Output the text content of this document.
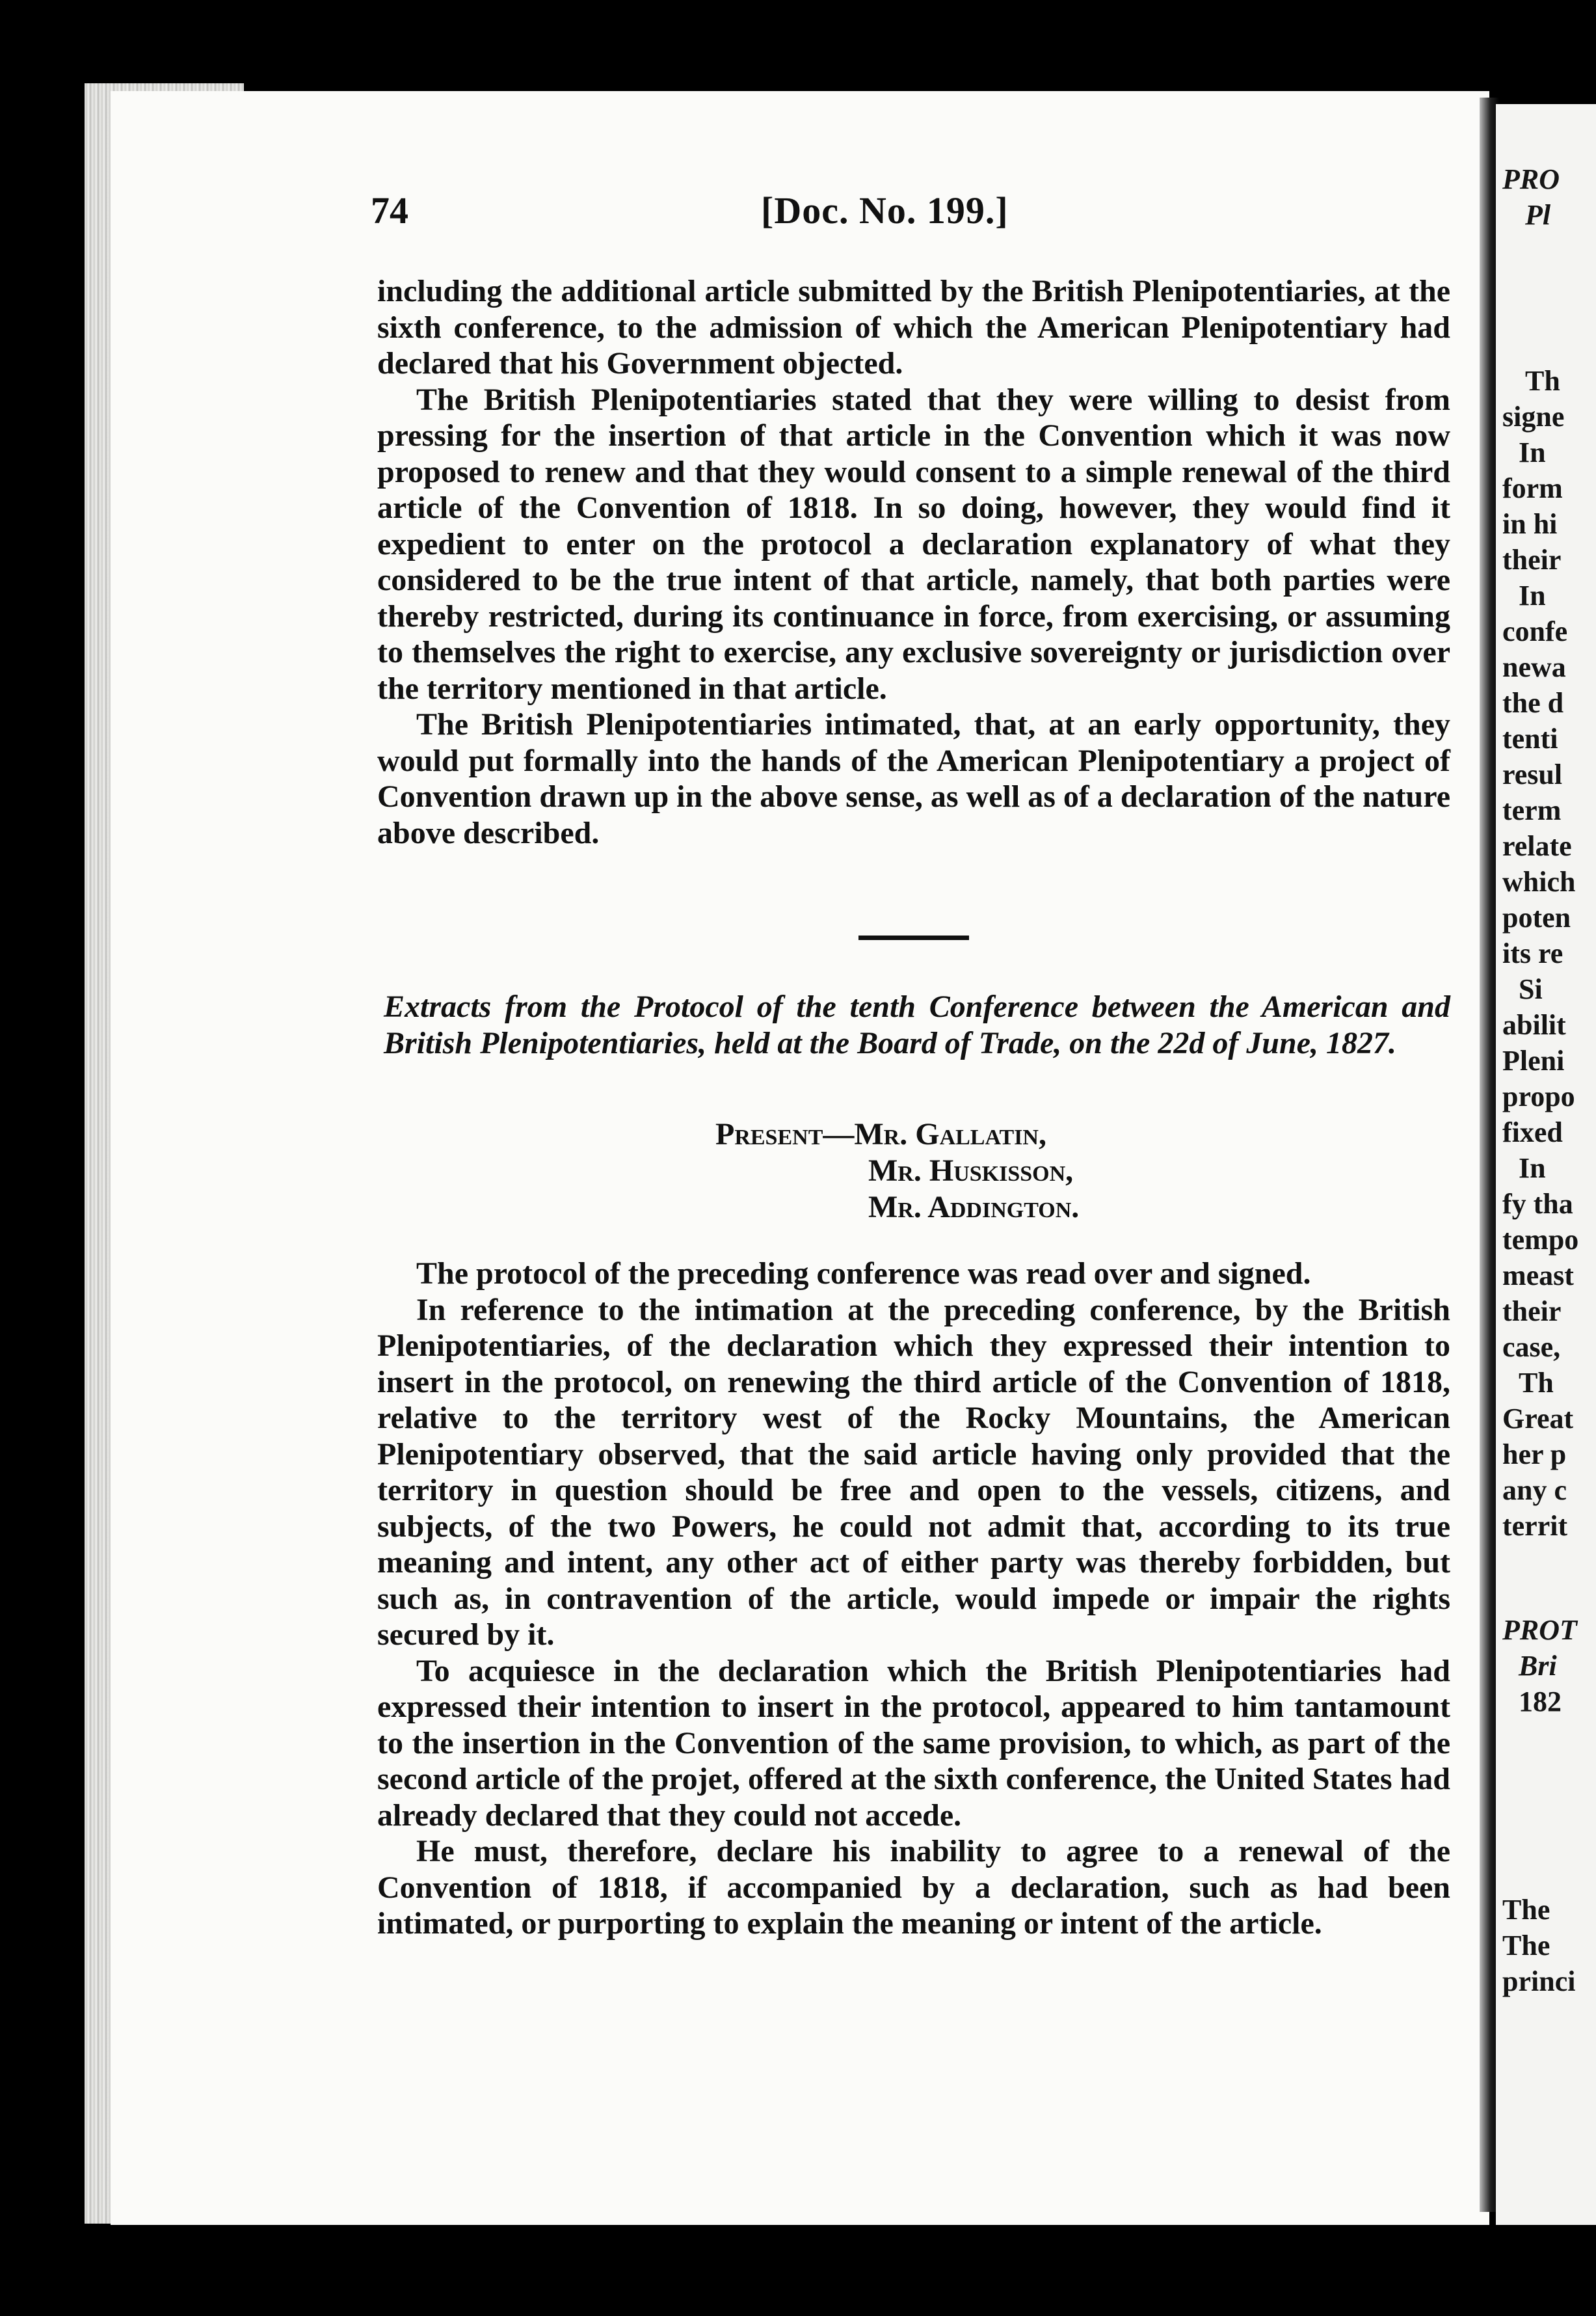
PRO
Pl
Th
signe
In
form
in hi
their
In
confe
newa
the d
tenti
resul
term
relate
which
poten
its re
Si
abilit
Pleni
propo
fixed
In
fy tha
tempo
meast
their
case,
Th
Great
her p
any c
territ
PROT
Bri
182
The
The
princi
74	[Doc. No. 199.]

including the additional article submitted by the British Plenipotentiaries, at the sixth conference, to the admission of which the American Plenipotentiary had declared that his Government objected.

The British Plenipotentiaries stated that they were willing to desist from pressing for the insertion of that article in the Convention which it was now proposed to renew and that they would consent to a simple renewal of the third article of the Convention of 1818. In so doing, however, they would find it expedient to enter on the protocol a declaration explanatory of what they considered to be the true intent of that article, namely, that both parties were thereby restricted, during its continuance in force, from exercising, or assuming to themselves the right to exercise, any exclusive sovereignty or jurisdiction over the territory mentioned in that article.

The British Plenipotentiaries intimated, that, at an early opportunity, they would put formally into the hands of the American Plenipotentiary a project of Convention drawn up in the above sense, as well as of a declaration of the nature above described.

Extracts from the Protocol of the tenth Conference between the American and British Plenipotentiaries, held at the Board of Trade, on the 22d of June, 1827.
Present—Mr. Gallatin,
Mr. Huskisson,
Mr. Addington.

The protocol of the preceding conference was read over and signed.

In reference to the intimation at the preceding conference, by the British Plenipotentiaries, of the declaration which they expressed their intention to insert in the protocol, on renewing the third article of the Convention of 1818, relative to the territory west of the Rocky Mountains, the American Plenipotentiary observed, that the said article having only provided that the territory in question should be free and open to the vessels, citizens, and subjects, of the two Powers, he could not admit that, according to its true meaning and intent, any other act of either party was thereby forbidden, but such as, in contravention of the article, would impede or impair the rights secured by it.

To acquiesce in the declaration which the British Plenipotentiaries had expressed their intention to insert in the protocol, appeared to him tantamount to the insertion in the Convention of the same provision, to which, as part of the second article of the projet, offered at the sixth conference, the United States had already declared that they could not accede.

He must, therefore, declare his inability to agree to a renewal of the Convention of 1818, if accompanied by a declaration, such as had been intimated, or purporting to explain the meaning or intent of the article.
